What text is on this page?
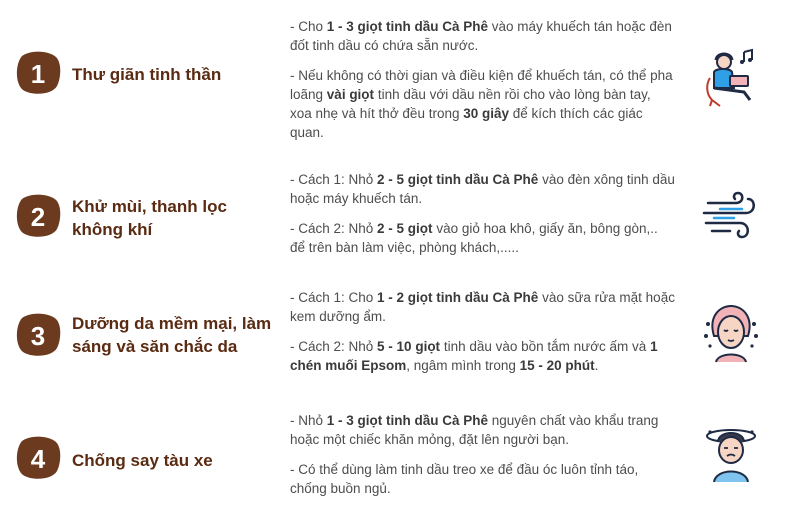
1 Thư giãn tinh thần

- Cho 1 - 3 giọt tinh dầu Cà Phê vào máy khuếch tán hoặc đèn đốt tinh dầu có chứa sẵn nước.

- Nếu không có thời gian và điều kiện để khuếch tán, có thể pha loãng vài giọt tinh dầu với dầu nền rồi cho vào lòng bàn tay, xoa nhẹ và hít thở đều trong 30 giây để kích thích các giác quan.

2 Khử mùi, thanh lọc không khí

- Cách 1: Nhỏ 2 - 5 giọt tinh dầu Cà Phê vào đèn xông tinh dầu hoặc máy khuếch tán.

- Cách 2: Nhỏ 2 - 5 giọt vào giỏ hoa khô, giấy ăn, bông gòn,.. để trên bàn làm việc, phòng khách,.....

3 Dưỡng da mềm mại, làm sáng và săn chắc da

- Cách 1: Cho 1 - 2 giọt tinh dầu Cà Phê vào sữa rửa mặt hoặc kem dưỡng ẩm.

- Cách 2: Nhỏ 5 - 10 giọt tinh dầu vào bồn tắm nước ấm và 1 chén muối Epsom, ngâm mình trong 15 - 20 phút.

4 Chống say tàu xe

- Nhỏ 1 - 3 giọt tinh dầu Cà Phê nguyên chất vào khẩu trang hoặc một chiếc khăn mỏng, đặt lên người bạn.

- Có thể dùng làm tinh dầu treo xe để đầu óc luôn tỉnh táo, chống buồn ngủ.
